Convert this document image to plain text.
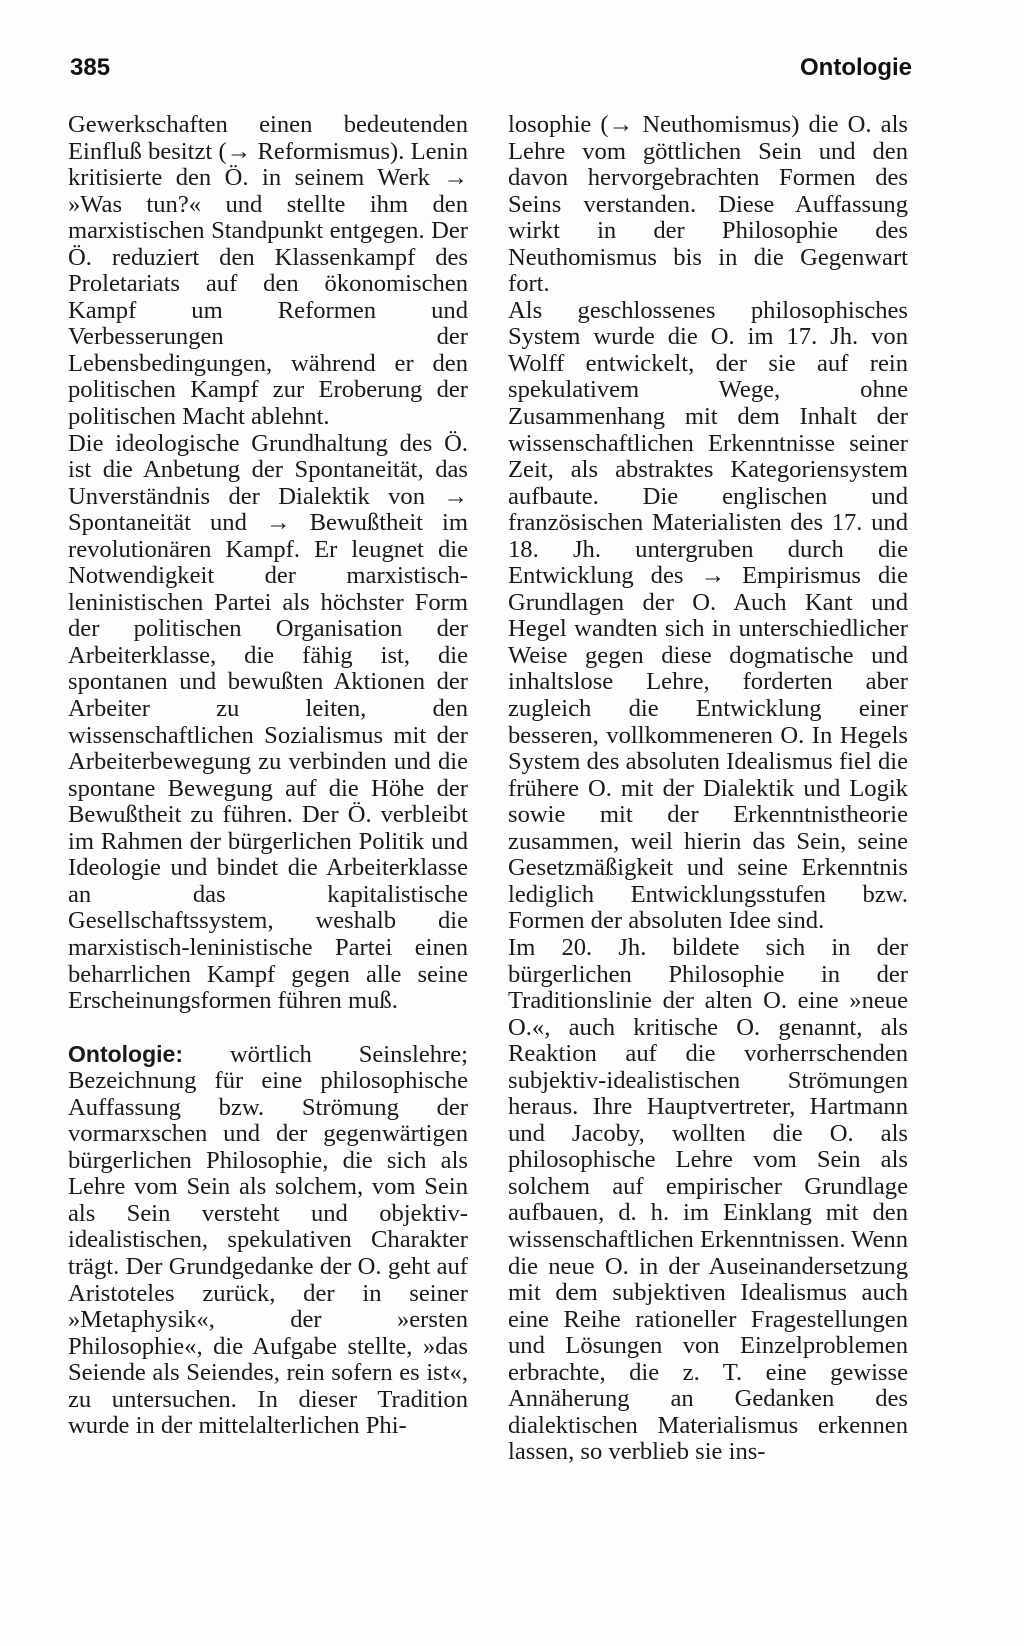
385	Ontologie

Gewerkschaften einen bedeutenden Einfluß besitzt (→ Reformismus). Lenin kritisierte den Ö. in seinem Werk → »Was tun?« und stellte ihm den marxistischen Standpunkt entgegen. Der Ö. reduziert den Klassenkampf des Proletariats auf den ökonomischen Kampf um Reformen und Verbesserungen der Lebensbedingungen, während er den politischen Kampf zur Eroberung der politischen Macht ablehnt.

Die ideologische Grundhaltung des Ö. ist die Anbetung der Spontaneität, das Unverständnis der Dialektik von → Spontaneität und → Bewußtheit im revolutionären Kampf. Er leugnet die Notwendigkeit der marxistisch-leninistischen Partei als höchster Form der politischen Organisation der Arbeiterklasse, die fähig ist, die spontanen und bewußten Aktionen der Arbeiter zu leiten, den wissenschaftlichen Sozialismus mit der Arbeiterbewegung zu verbinden und die spontane Bewegung auf die Höhe der Bewußtheit zu führen. Der Ö. verbleibt im Rahmen der bürgerlichen Politik und Ideologie und bindet die Arbeiterklasse an das kapitalistische Gesellschaftssystem, weshalb die marxistisch-leninistische Partei einen beharrlichen Kampf gegen alle seine Erscheinungsformen führen muß.

Ontologie: wörtlich Seinslehre; Bezeichnung für eine philosophische Auffassung bzw. Strömung der vormarxschen und der gegenwärtigen bürgerlichen Philosophie, die sich als Lehre vom Sein als solchem, vom Sein als Sein versteht und objektiv-idealistischen, spekulativen Charakter trägt. Der Grundgedanke der O. geht auf Aristoteles zurück, der in seiner »Metaphysik«, der »ersten Philosophie«, die Aufgabe stellte, »das Seiende als Seiendes, rein sofern es ist«, zu untersuchen. In dieser Tradition wurde in der mittelalterlichen Phi-

losophie (→ Neuthomismus) die O. als Lehre vom göttlichen Sein und den davon hervorgebrachten Formen des Seins verstanden. Diese Auffassung wirkt in der Philosophie des Neuthomismus bis in die Gegenwart fort.

Als geschlossenes philosophisches System wurde die O. im 17. Jh. von Wolff entwickelt, der sie auf rein spekulativem Wege, ohne Zusammenhang mit dem Inhalt der wissenschaftlichen Erkenntnisse seiner Zeit, als abstraktes Kategoriensystem aufbaute. Die englischen und französischen Materialisten des 17. und 18. Jh. untergruben durch die Entwicklung des → Empirismus die Grundlagen der O. Auch Kant und Hegel wandten sich in unterschiedlicher Weise gegen diese dogmatische und inhaltslose Lehre, forderten aber zugleich die Entwicklung einer besseren, vollkommeneren O. In Hegels System des absoluten Idealismus fiel die frühere O. mit der Dialektik und Logik sowie mit der Erkenntnistheorie zusammen, weil hierin das Sein, seine Gesetzmäßigkeit und seine Erkenntnis lediglich Entwicklungsstufen bzw. Formen der absoluten Idee sind.

Im 20. Jh. bildete sich in der bürgerlichen Philosophie in der Traditionslinie der alten O. eine »neue O.«, auch kritische O. genannt, als Reaktion auf die vorherrschenden subjektiv-idealistischen Strömungen heraus. Ihre Hauptvertreter, Hartmann und Jacoby, wollten die O. als philosophische Lehre vom Sein als solchem auf empirischer Grundlage aufbauen, d. h. im Einklang mit den wissenschaftlichen Erkenntnissen. Wenn die neue O. in der Auseinandersetzung mit dem subjektiven Idealismus auch eine Reihe rationeller Fragestellungen und Lösungen von Einzelproblemen erbrachte, die z. T. eine gewisse Annäherung an Gedanken des dialektischen Materialismus erkennen lassen, so verblieb sie ins-
